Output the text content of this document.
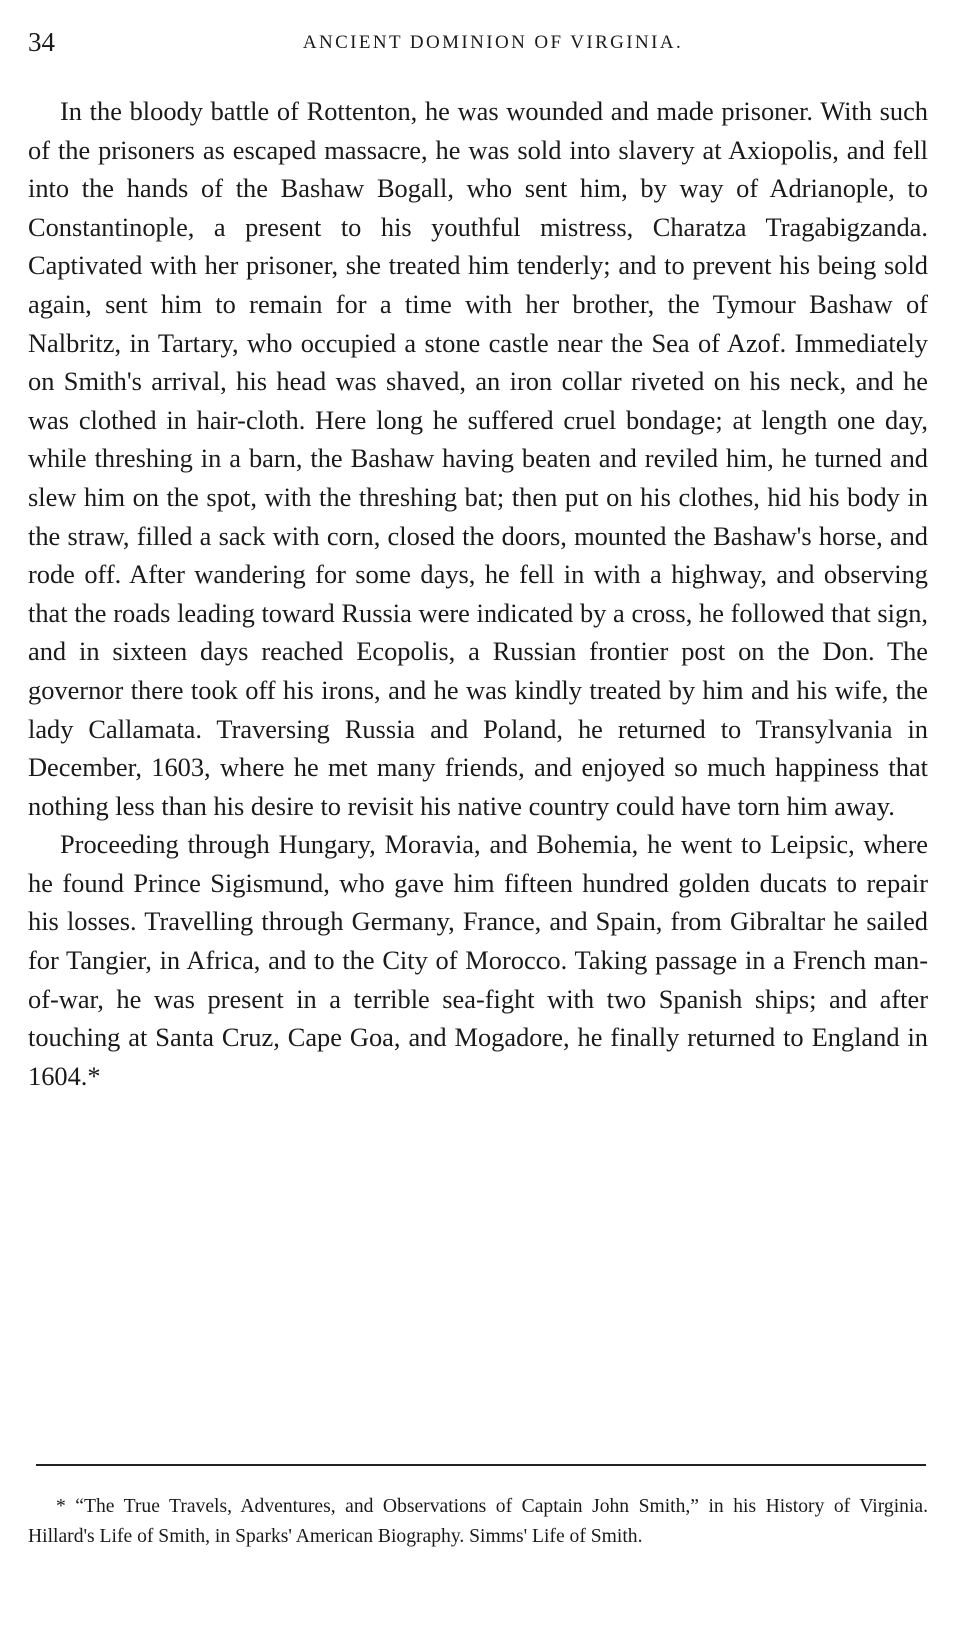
34	ANCIENT DOMINION OF VIRGINIA.

In the bloody battle of Rottenton, he was wounded and made prisoner. With such of the prisoners as escaped massacre, he was sold into slavery at Axiopolis, and fell into the hands of the Bashaw Bogall, who sent him, by way of Adrianople, to Constantinople, a present to his youthful mistress, Charatza Tragabigzanda. Captivated with her prisoner, she treated him tenderly; and to prevent his being sold again, sent him to remain for a time with her brother, the Tymour Bashaw of Nalbritz, in Tartary, who occupied a stone castle near the Sea of Azof. Immediately on Smith's arrival, his head was shaved, an iron collar riveted on his neck, and he was clothed in hair-cloth. Here long he suffered cruel bondage; at length one day, while threshing in a barn, the Bashaw having beaten and reviled him, he turned and slew him on the spot, with the threshing bat; then put on his clothes, hid his body in the straw, filled a sack with corn, closed the doors, mounted the Bashaw's horse, and rode off. After wandering for some days, he fell in with a highway, and observing that the roads leading toward Russia were indicated by a cross, he followed that sign, and in sixteen days reached Ecopolis, a Russian frontier post on the Don. The governor there took off his irons, and he was kindly treated by him and his wife, the lady Callamata. Traversing Russia and Poland, he returned to Transylvania in December, 1603, where he met many friends, and enjoyed so much happiness that nothing less than his desire to revisit his native country could have torn him away.

Proceeding through Hungary, Moravia, and Bohemia, he went to Leipsic, where he found Prince Sigismund, who gave him fifteen hundred golden ducats to repair his losses. Travelling through Germany, France, and Spain, from Gibraltar he sailed for Tangier, in Africa, and to the City of Morocco. Taking passage in a French man-of-war, he was present in a terrible sea-fight with two Spanish ships; and after touching at Santa Cruz, Cape Goa, and Mogadore, he finally returned to England in 1604.*

* “The True Travels, Adventures, and Observations of Captain John Smith,” in his History of Virginia. Hillard's Life of Smith, in Sparks' American Biography. Simms' Life of Smith.
